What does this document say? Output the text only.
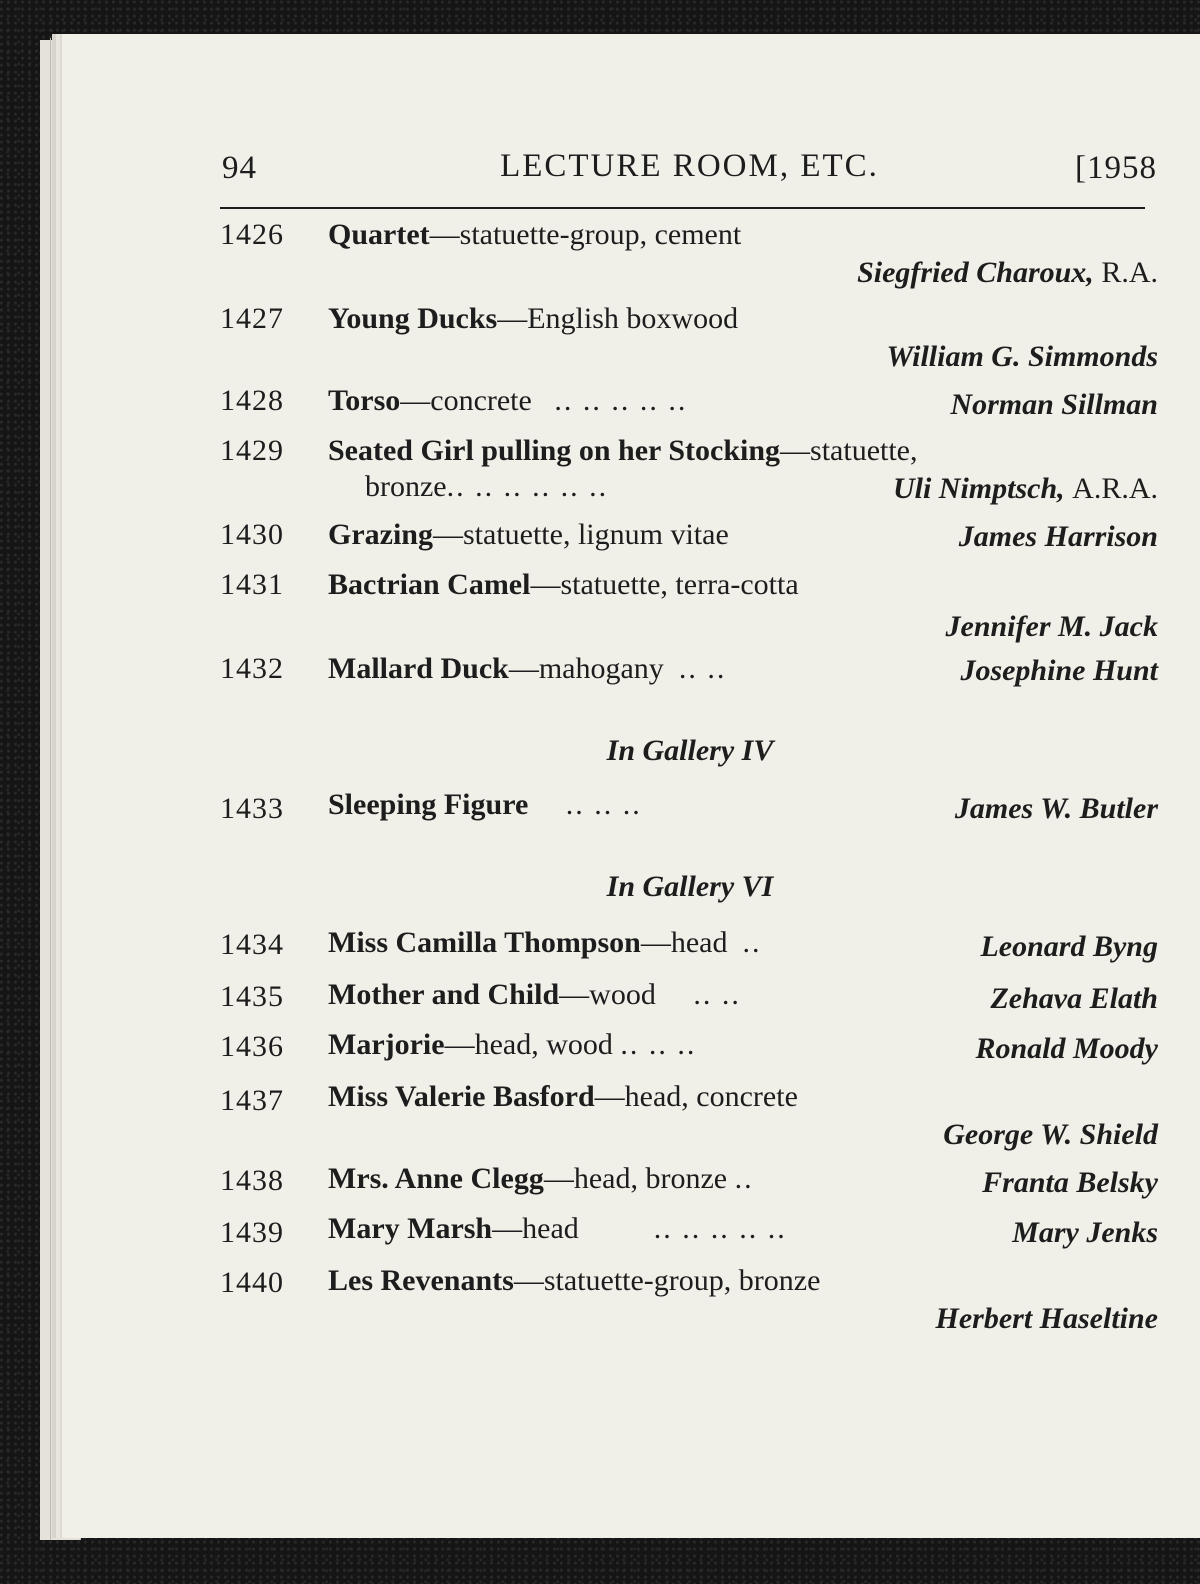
94	LECTURE ROOM, ETC.	[1958
1426 Quartet—statuette-group, cement
Siegfried Charoux, R.A.
1427 Young Ducks—English boxwood
William G. Simmonds
1428 Torso—concrete .. .. .. .. ..	Norman Sillman
1429 Seated Girl pulling on her Stocking—statuette,
bronze.. .. .. .. .. ..	Uli Nimptsch, A.R.A.
1430 Grazing—statuette, lignum vitae	James Harrison
1431 Bactrian Camel—statuette, terra-cotta
Jennifer M. Jack
1432 Mallard Duck—mahogany .. ..	Josephine Hunt
In Gallery IV
1433 Sleeping Figure .. .. ..	James W. Butler
In Gallery VI
1434 Miss Camilla Thompson—head ..	Leonard Byng
1435 Mother and Child—wood .. ..	Zehava Elath
1436 Marjorie—head, wood .. .. ..	Ronald Moody
1437 Miss Valerie Basford—head, concrete
George W. Shield
1438 Mrs. Anne Clegg—head, bronze ..	Franta Belsky
1439 Mary Marsh—head	.. .. .. .. ..	Mary Jenks
1440 Les Revenants—statuette-group, bronze
Herbert Haseltine
